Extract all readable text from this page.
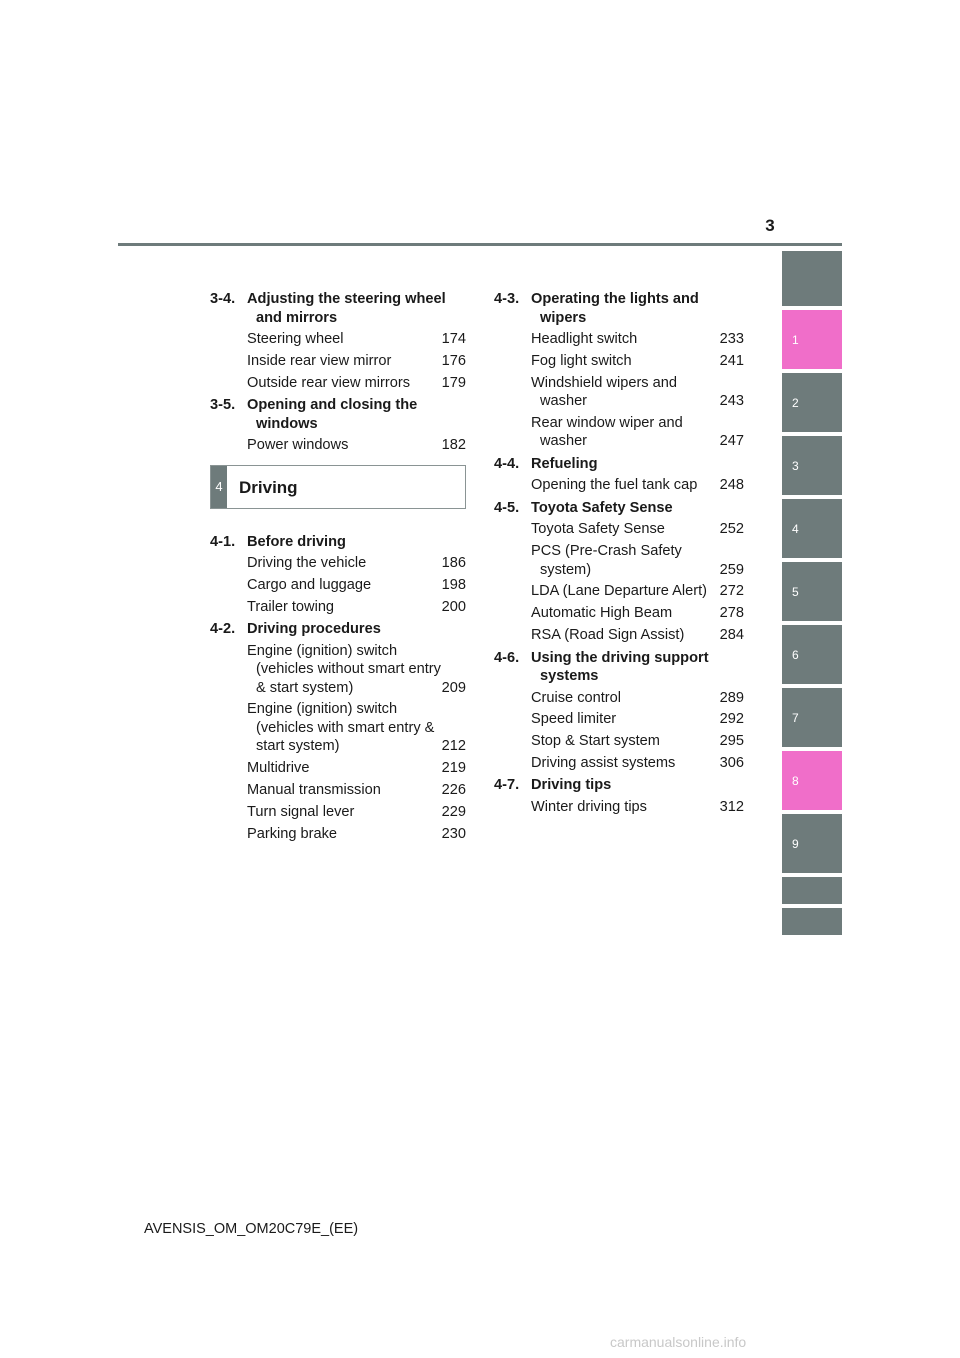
3
3-4. Adjusting the steering wheel and mirrors
Steering wheel	174
Inside rear view mirror	176
Outside rear view mirrors	179
3-5. Opening and closing the windows
Power windows	182
4 Driving
4-1. Before driving
Driving the vehicle	186
Cargo and luggage	198
Trailer towing	200
4-2. Driving procedures
Engine (ignition) switch (vehicles without smart entry & start system)	209
Engine (ignition) switch (vehicles with smart entry & start system)	212
Multidrive	219
Manual transmission	226
Turn signal lever	229
Parking brake	230
4-3. Operating the lights and wipers
Headlight switch	233
Fog light switch	241
Windshield wipers and washer	243
Rear window wiper and washer	247
4-4. Refueling
Opening the fuel tank cap	248
4-5. Toyota Safety Sense
Toyota Safety Sense	252
PCS (Pre-Crash Safety system)	259
LDA (Lane Departure Alert) 272
Automatic High Beam	278
RSA (Road Sign Assist)	284
4-6. Using the driving support systems
Cruise control	289
Speed limiter	292
Stop & Start system	295
Driving assist systems	306
4-7. Driving tips
Winter driving tips	312
1
2
3
4
5
6
7
8
9
AVENSIS_OM_OM20C79E_(EE)
carmanualsonline.info
